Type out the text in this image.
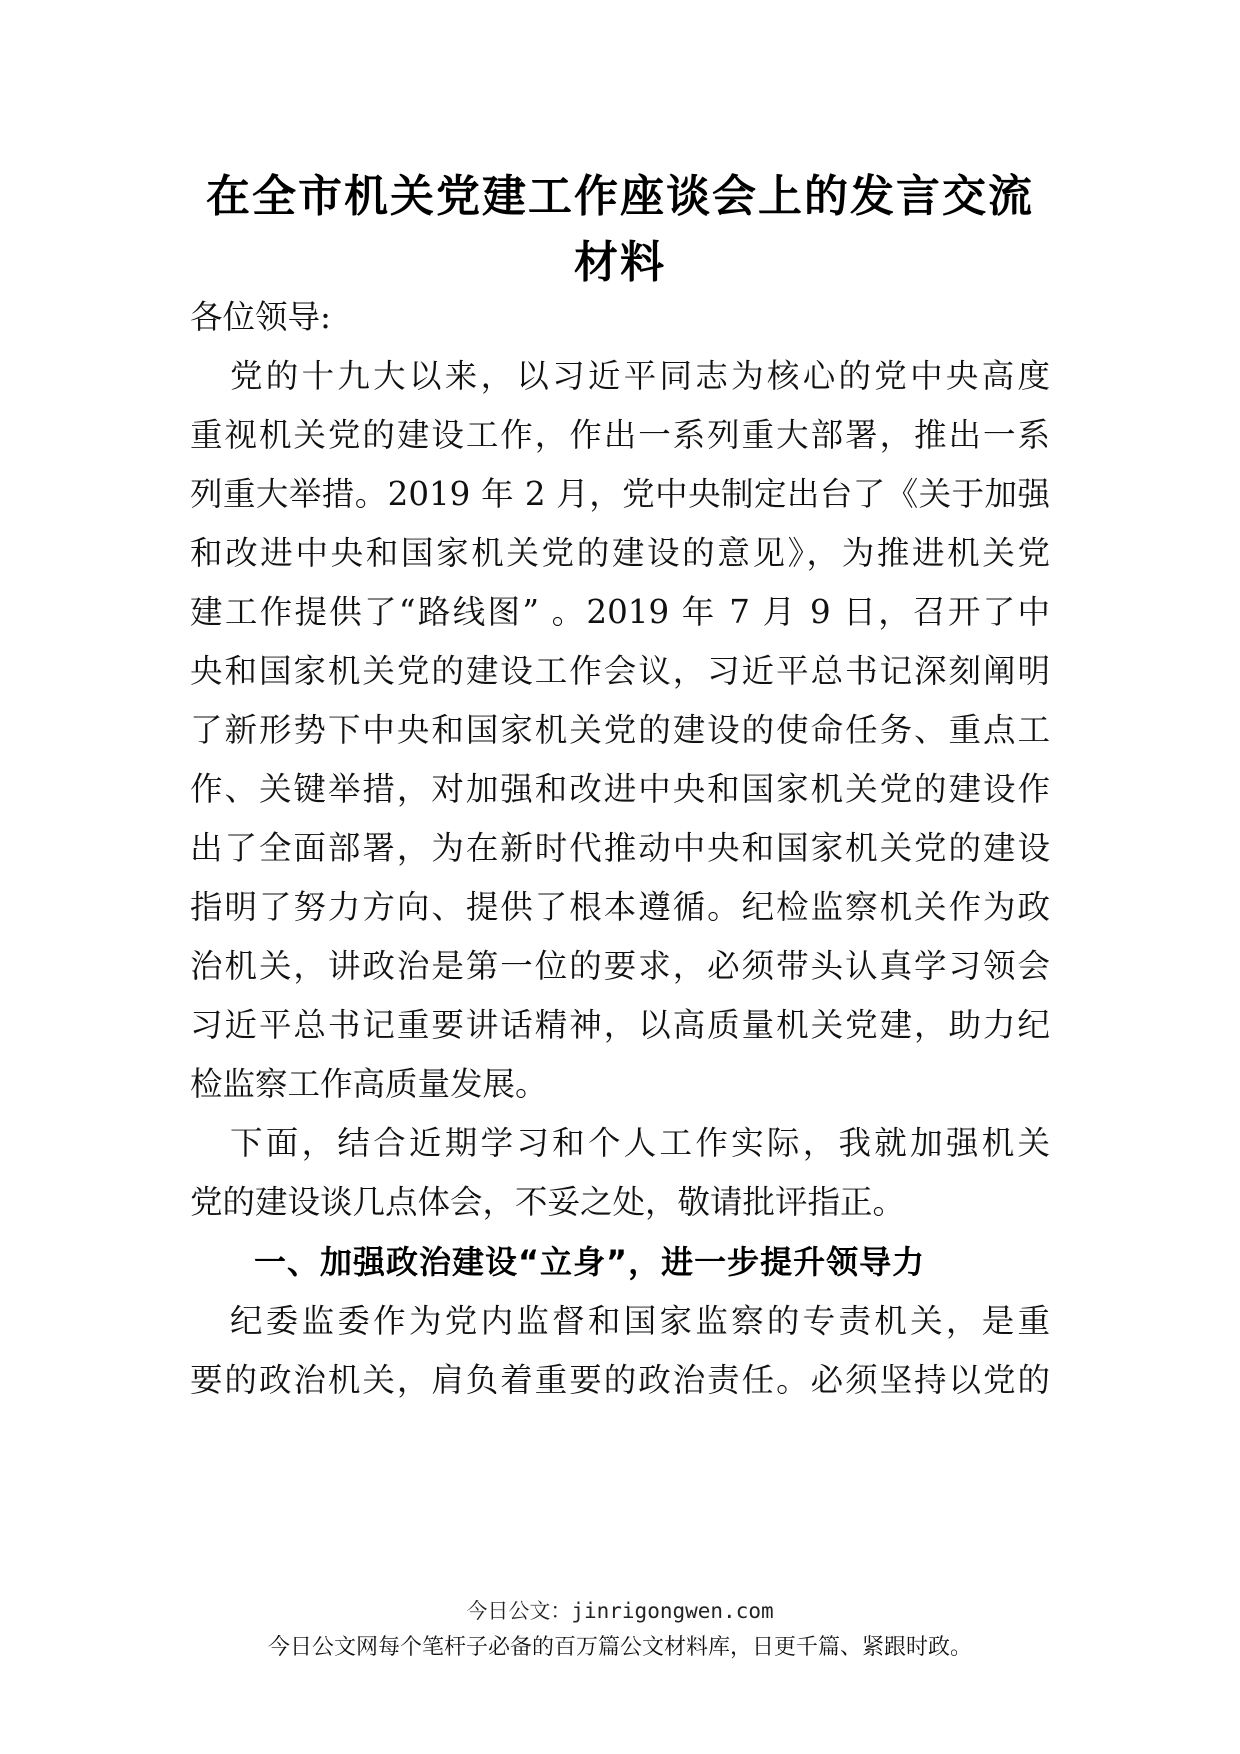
在全市机关党建工作座谈会上的发言交流
材料
各位领导:
党的十九大以来，以习近平同志为核心的党中央高度
重视机关党的建设工作，作出一系列重大部署，推出一系
列重大举措。2019 年 2 月，党中央制定出台了《关于加强
和改进中央和国家机关党的建设的意见》，为推进机关党
建工作提供了“路线图” 。2019 年 7 月 9 日，召开了中
央和国家机关党的建设工作会议，习近平总书记深刻阐明
了新形势下中央和国家机关党的建设的使命任务、重点工
作、关键举措，对加强和改进中央和国家机关党的建设作
出了全面部署，为在新时代推动中央和国家机关党的建设
指明了努力方向、提供了根本遵循。纪检监察机关作为政
治机关，讲政治是第一位的要求，必须带头认真学习领会
习近平总书记重要讲话精神，以高质量机关党建，助力纪
检监察工作高质量发展。
下面，结合近期学习和个人工作实际，我就加强机关
党的建设谈几点体会，不妥之处，敬请批评指正。
一、加强政治建设“立身”，进一步提升领导力
纪委监委作为党内监督和国家监察的专责机关，是重
要的政治机关，肩负着重要的政治责任。必须坚持以党的
今日公文：jinrigongwen.com
今日公文网每个笔杆子必备的百万篇公文材料库，日更千篇、紧跟时政。
